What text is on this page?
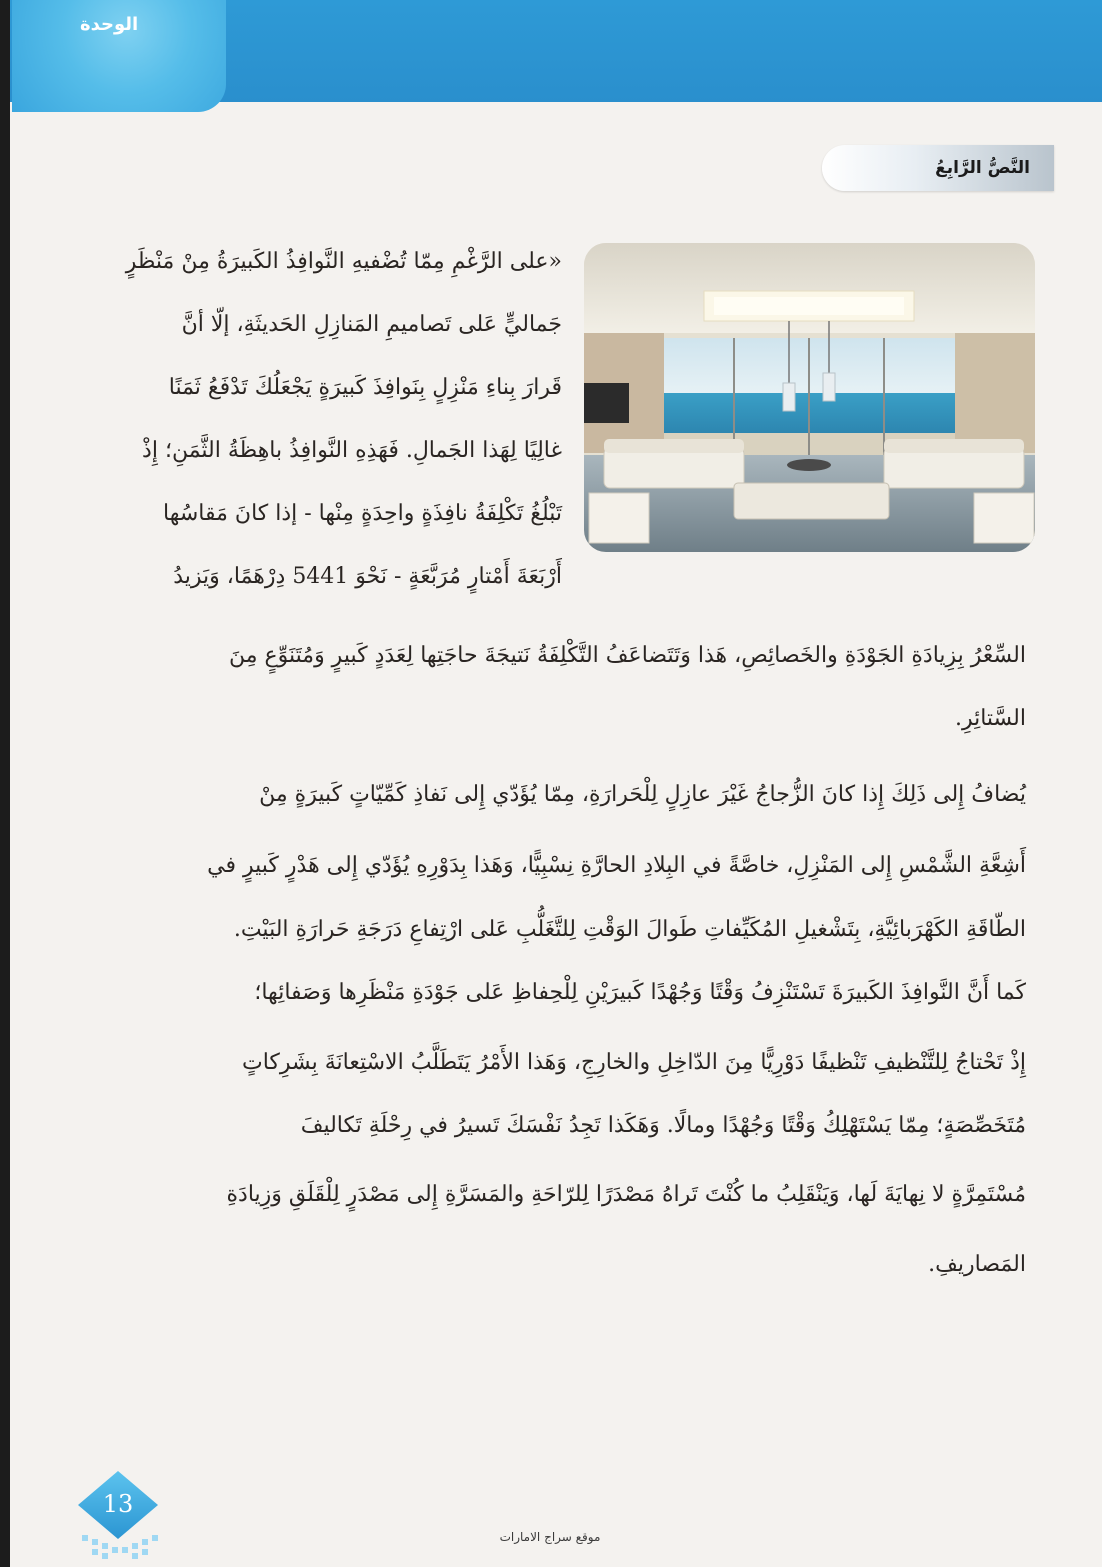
الوحدة
النَّصُّ الرَّابِعُ
«على الرَّغْمِ مِمّا تُضْفيهِ النَّوافِذُ الكَبيرَةُ مِنْ مَنْظَرٍ
جَماليٍّ عَلى تَصاميمِ المَنازِلِ الحَديثَةِ، إلّا أنَّ
قَرارَ بِناءِ مَنْزِلٍ بِنَوافِذَ كَبيرَةٍ يَجْعَلُكَ تَدْفَعُ ثَمَنًا
غالِيًا لِهَذا الجَمالِ. فَهَذِهِ النَّوافِذُ باهِظَةُ الثَّمَنِ؛ إِذْ
تَبْلُغُ تَكْلِفَةُ نافِذَةٍ واحِدَةٍ مِنْها - إذا كانَ مَقاسُها
أَرْبَعَةَ أَمْتارٍ مُرَبَّعَةٍ - نَحْوَ 5441 دِرْهَمًا، وَيَزيدُ
السِّعْرُ بِزِيادَةِ الجَوْدَةِ والخَصائِصِ، هَذا وَتَتَضاعَفُ التَّكْلِفَةُ نَتيجَةَ حاجَتِها لِعَدَدٍ كَبيرٍ وَمُتَنَوِّعٍ مِنَ
السَّتائِرِ.
يُضافُ إِلى ذَلِكَ إِذا كانَ الزُّجاجُ غَيْرَ عازِلٍ لِلْحَرارَةِ، مِمّا يُؤَدّي إِلى نَفاذِ كَمِّيّاتٍ كَبيرَةٍ مِنْ
أَشِعَّةِ الشَّمْسِ إِلى المَنْزِلِ، خاصَّةً في البِلادِ الحارَّةِ نِسْبِيًّا، وَهَذا بِدَوْرِهِ يُؤَدّي إِلى هَدْرٍ كَبيرٍ في
الطّاقَةِ الكَهْرَبائِيَّةِ، بِتَشْغيلِ المُكَيِّفاتِ طَوالَ الوَقْتِ لِلتَّغَلُّبِ عَلى ارْتِفاعِ دَرَجَةِ حَرارَةِ البَيْتِ.
كَما أَنَّ النَّوافِذَ الكَبيرَةَ تَسْتَنْزِفُ وَقْتًا وَجُهْدًا كَبيرَيْنِ لِلْحِفاظِ عَلى جَوْدَةِ مَنْظَرِها وَصَفائِها؛
إِذْ تَحْتاجُ لِلتَّنْظيفِ تَنْظيفًا دَوْرِيًّا مِنَ الدّاخِلِ والخارِجِ، وَهَذا الأَمْرُ يَتَطَلَّبُ الاسْتِعانَةَ بِشَرِكاتٍ
مُتَخَصِّصَةٍ؛ مِمّا يَسْتَهْلِكُ وَقْتًا وَجُهْدًا ومالًا. وَهَكَذا تَجِدُ نَفْسَكَ تَسيرُ في رِحْلَةِ تَكاليفَ
مُسْتَمِرَّةٍ لا نِهايَةَ لَها، وَيَنْقَلِبُ ما كُنْتَ تَراهُ مَصْدَرًا لِلرّاحَةِ والمَسَرَّةِ إِلى مَصْدَرٍ لِلْقَلَقِ وَزِيادَةِ
المَصاريفِ.
13
موقع سراج الامارات
